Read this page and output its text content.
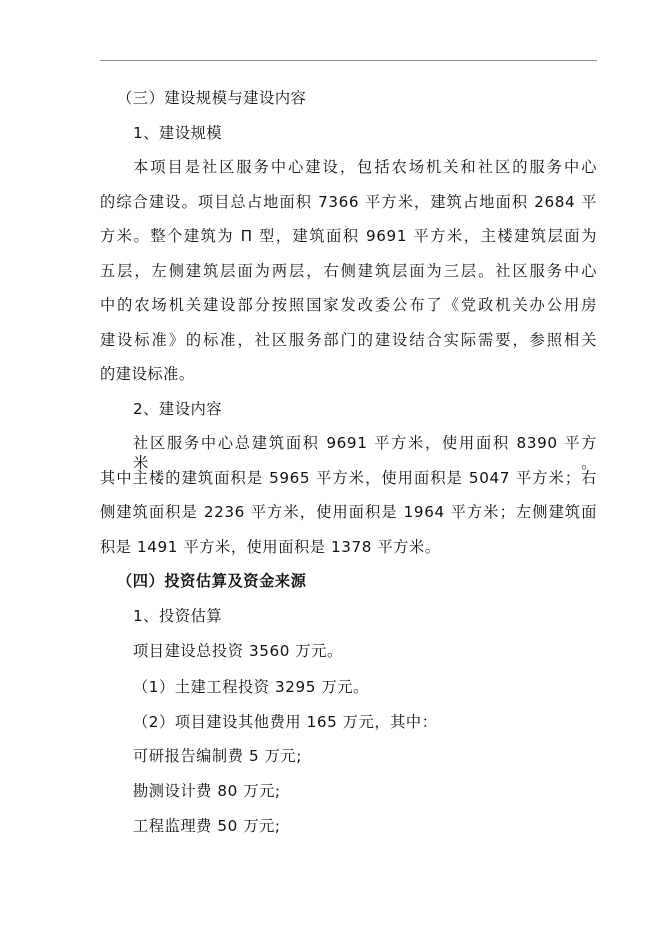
（三）建设规模与建设内容
1、建设规模
本项目是社区服务中心建设，包括农场机关和社区的服务中心
的综合建设。项目总占地面积 7366 平方米，建筑占地面积 2684 平
方米。整个建筑为 Π 型，建筑面积 9691 平方米，主楼建筑层面为
五层，左侧建筑层面为两层，右侧建筑层面为三层。社区服务中心
中的农场机关建设部分按照国家发改委公布了《党政机关办公用房
建设标准》的标准，社区服务部门的建设结合实际需要，参照相关
的建设标准。
2、建设内容
社区服务中心总建筑面积 9691 平方米，使用面积 8390 平方米。
其中主楼的建筑面积是 5965 平方米，使用面积是 5047 平方米；右
侧建筑面积是 2236 平方米，使用面积是 1964 平方米；左侧建筑面
积是 1491 平方米，使用面积是 1378 平方米。
（四）投资估算及资金来源
1、投资估算
项目建设总投资 3560 万元。
（1）土建工程投资 3295 万元。
（2）项目建设其他费用 165 万元，其中：
可研报告编制费 5 万元;
勘测设计费 80 万元;
工程监理费 50 万元;
